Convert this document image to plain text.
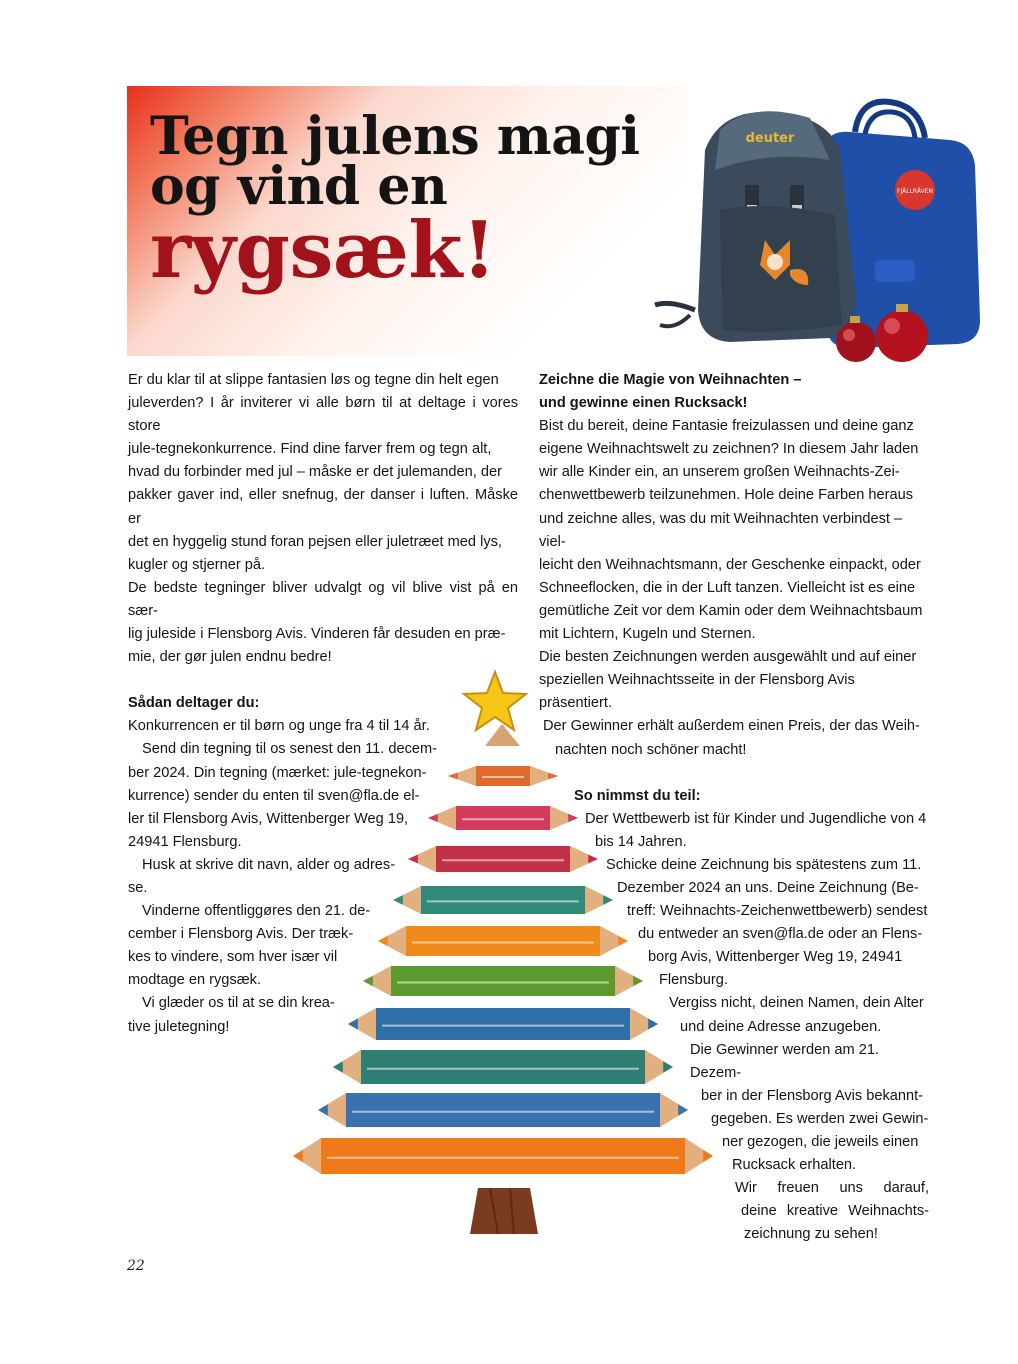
Tegn julens magi
og vind en
rygsæk!
FJÄLLRÄVEN
deuter

Er du klar til at slippe fantasien løs og tegne din helt egen

juleverden? I år inviterer vi alle børn til at deltage i vores store

jule-tegnekonkurrence. Find dine farver frem og tegn alt,

hvad du forbinder med jul – måske er det julemanden, der

pakker gaver ind, eller snefnug, der danser i luften. Måske er

det en hyggelig stund foran pejsen eller juletræet med lys,

kugler og stjerner på.

De bedste tegninger bliver udvalgt og vil blive vist på en sær-

lig juleside i Flensborg Avis. Vinderen får desuden en præ-

mie, der gør julen endnu bedre!

Sådan deltager du:

Konkurrencen er til børn og unge fra 4 til 14 år.

Send din tegning til os senest den 11. decem-

ber 2024. Din tegning (mærket: jule-tegnekon-

kurrence) sender du enten til sven@fla.de el-

ler til Flensborg Avis, Wittenberger Weg 19,

24941 Flensburg.

Husk at skrive dit navn, alder og adres-

se.

Vinderne offentliggøres den 21. de-

cember i Flensborg Avis. Der træk-

kes to vindere, som hver især vil

modtage en rygsæk.

Vi glæder os til at se din krea-

tive juletegning!

Zeichne die Magie von Weihnachten –

und gewinne einen Rucksack!

Bist du bereit, deine Fantasie freizulassen und deine ganz

eigene Weihnachtswelt zu zeichnen? In diesem Jahr laden

wir alle Kinder ein, an unserem großen Weihnachts-Zei-

chenwettbewerb teilzunehmen. Hole deine Farben heraus

und zeichne alles, was du mit Weihnachten verbindest – viel-

leicht den Weihnachtsmann, der Geschenke einpackt, oder

Schneeflocken, die in der Luft tanzen. Vielleicht ist es eine

gemütliche Zeit vor dem Kamin oder dem Weihnachtsbaum

mit Lichtern, Kugeln und Sternen.

Die besten Zeichnungen werden ausgewählt und auf einer

speziellen Weihnachtsseite in der Flensborg Avis präsentiert.

Der Gewinner erhält außerdem einen Preis, der das Weih-

nachten noch schöner macht!

So nimmst du teil:

Der Wettbewerb ist für Kinder und Jugendliche von 4

bis 14 Jahren.

Schicke deine Zeichnung bis spätestens zum 11.

Dezember 2024 an uns. Deine Zeichnung (Be-

treff: Weihnachts-Zeichenwettbewerb) sendest

du entweder an sven@fla.de oder an Flens-

borg Avis, Wittenberger Weg 19, 24941

Flensburg.

Vergiss nicht, deinen Namen, dein Alter

und deine Adresse anzugeben.

Die Gewinner werden am 21. Dezem-

ber in der Flensborg Avis bekannt-

gegeben. Es werden zwei Gewin-

ner gezogen, die jeweils einen

Rucksack erhalten.

Wir freuen uns darauf,

deine kreative Weihnachts-

zeichnung zu sehen!

22
